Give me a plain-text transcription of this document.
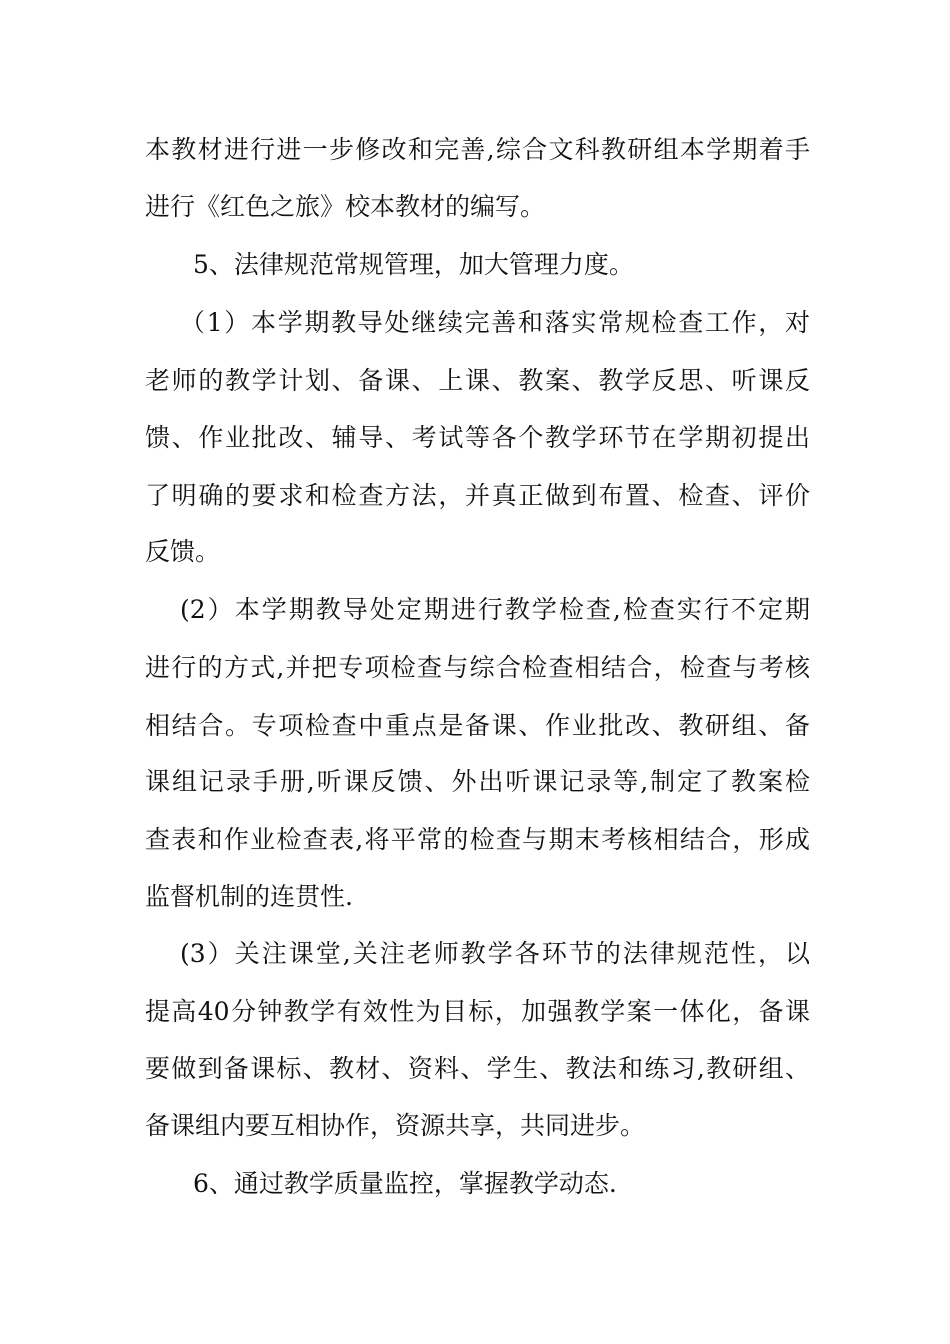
本教材进行进一步修改和完善,综合文科教研组本学期着手
进行《红色之旅》校本教材的编写。
5、法律规范常规管理，加大管理力度。
（1）本学期教导处继续完善和落实常规检查工作，对
老师的教学计划、备课、上课、教案、教学反思、听课反
馈、作业批改、辅导、考试等各个教学环节在学期初提出
了明确的要求和检查方法，并真正做到布置、检查、评价
反馈。
(2）本学期教导处定期进行教学检查,检查实行不定期
进行的方式,并把专项检查与综合检查相结合，检查与考核
相结合。专项检查中重点是备课、作业批改、教研组、备
课组记录手册,听课反馈、外出听课记录等,制定了教案检
查表和作业检查表,将平常的检查与期末考核相结合，形成
监督机制的连贯性.
(3）关注课堂,关注老师教学各环节的法律规范性，以
提高40分钟教学有效性为目标，加强教学案一体化，备课
要做到备课标、教材、资料、学生、教法和练习,教研组、
备课组内要互相协作，资源共享，共同进步。
6、通过教学质量监控，掌握教学动态.
